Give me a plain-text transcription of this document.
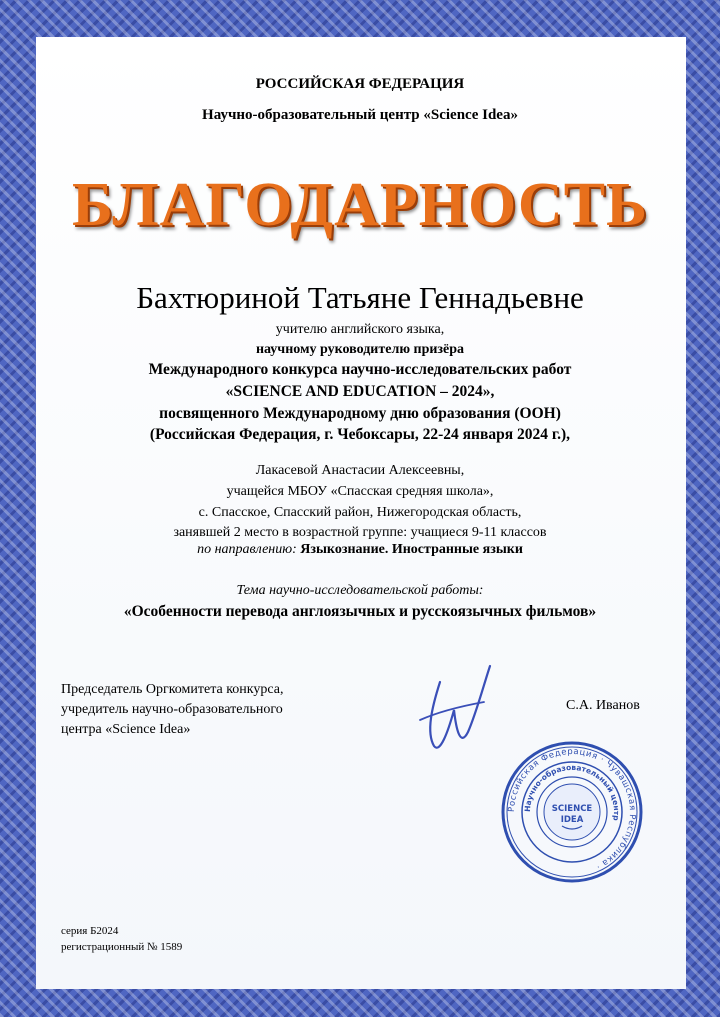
РОССИЙСКАЯ ФЕДЕРАЦИЯ
Научно-образовательный центр «Science Idea»
БЛАГОДАРНОСТЬ
Бахтюриной Татьяне Геннадьевне
учителю английского языка,
научному руководителю призёра
Международного конкурса научно-исследовательских работ
«SCIENCE AND EDUCATION – 2024»,
посвященного Международному дню образования (ООН)
(Российская Федерация, г. Чебоксары, 22-24 января 2024 г.),
Лакасевой Анастасии Алексеевны,
учащейся МБОУ «Спасская средняя школа»,
с. Спасское, Спасский район, Нижегородская область,
занявшей 2 место в возрастной группе: учащиеся 9-11 классов
по направлению: Языкознание. Иностранные языки
Тема научно-исследовательской работы:
«Особенности перевода англоязычных и русскоязычных фильмов»
Председатель Оргкомитета конкурса,
учредитель научно-образовательного
центра «Science Idea»
С.А. Иванов
Российская Федерация · Чувашская Республика ·
Научно-образовательный центр
SCIENCE
IDEA
серия Б2024
регистрационный № 1589
